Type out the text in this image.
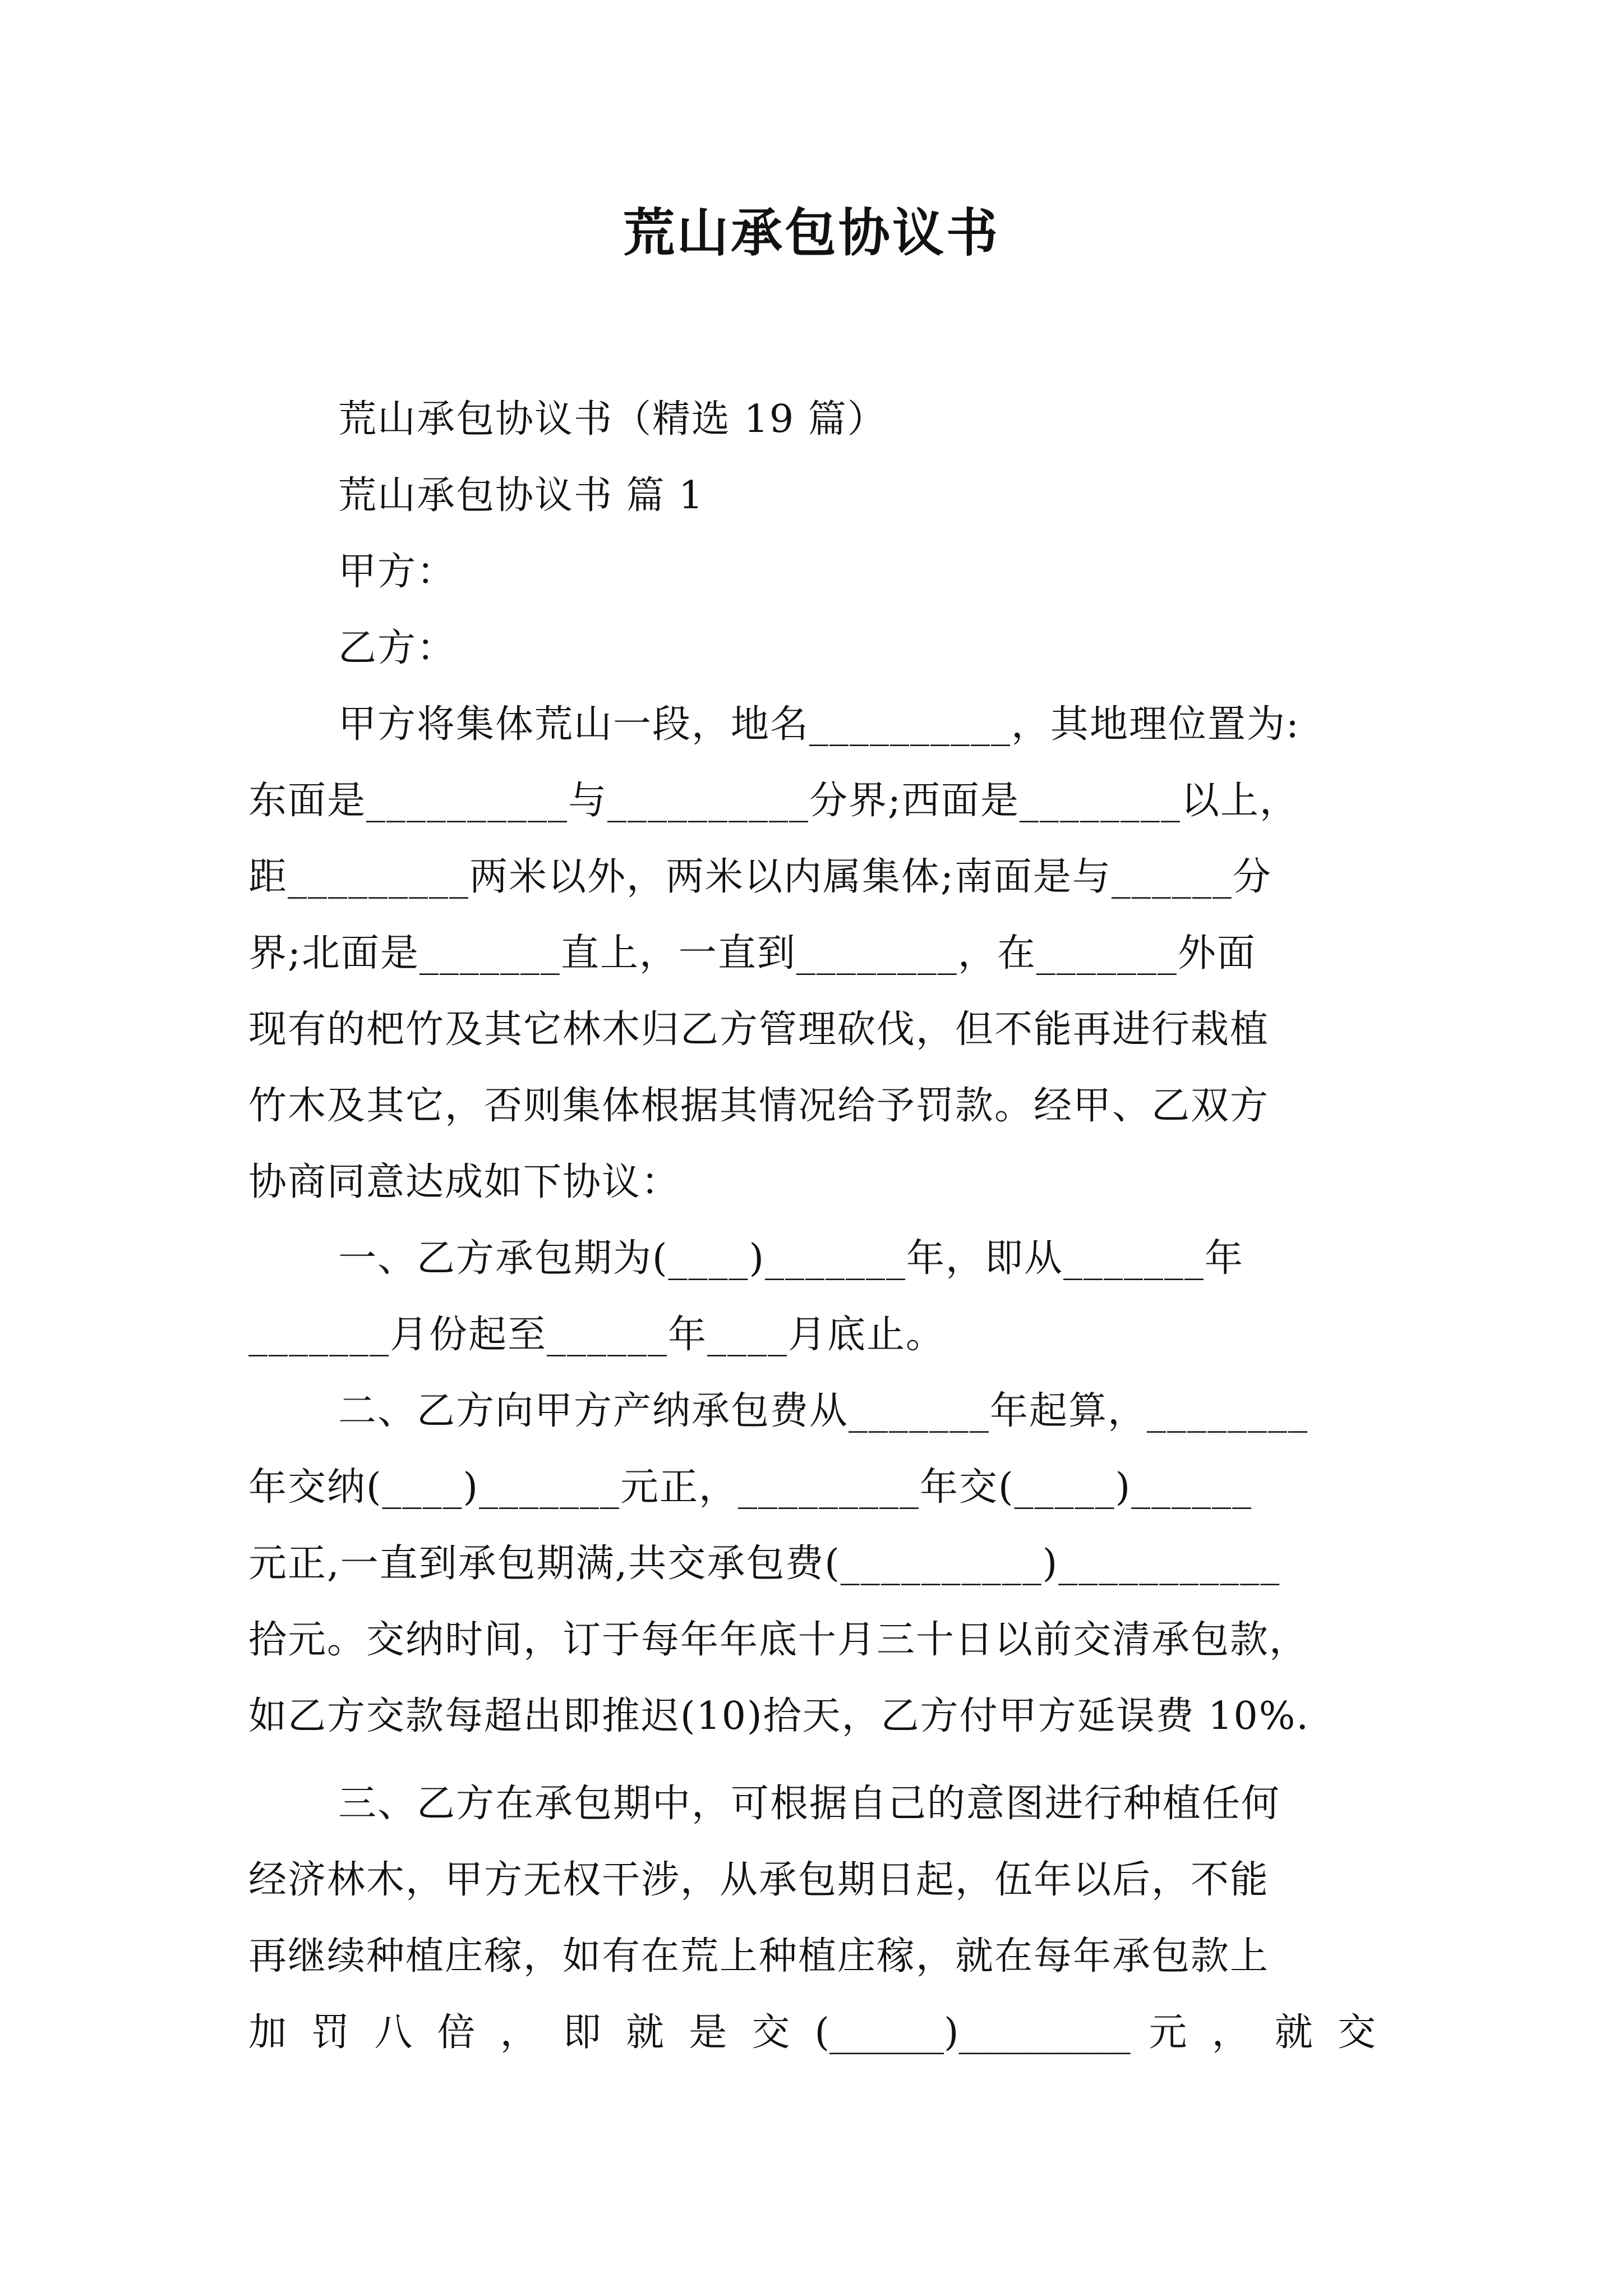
荒山承包协议书
荒山承包协议书（精选 19 篇）
荒山承包协议书 篇 1
甲方：
乙方：
甲方将集体荒山一段，地名__________，其地理位置为:
东面是__________与__________分界;西面是________以上，
距_________两米以外，两米以内属集体;南面是与______分
界;北面是_______直上，一直到________，在_______外面
现有的杷竹及其它林木归乙方管理砍伐，但不能再进行栽植
竹木及其它，否则集体根据其情况给予罚款。经甲、乙双方
协商同意达成如下协议：
一、乙方承包期为(____)_______年，即从_______年
_______月份起至______年____月底止。
二、乙方向甲方产纳承包费从_______年起算，________
年交纳(____)_______元正，_________年交(_____)______
元正,一直到承包期满,共交承包费(__________)___________
拾元。交纳时间，订于每年年底十月三十日以前交清承包款，
如乙方交款每超出即推迟(10)拾天，乙方付甲方延误费 10%.
三、乙方在承包期中，可根据自己的意图进行种植任何
经济林木，甲方无权干涉，从承包期日起，伍年以后，不能
再继续种植庄稼，如有在荒上种植庄稼，就在每年承包款上
加 罚 八 倍 ， 即 就 是 交 (______)_________ 元 ， 就 交
